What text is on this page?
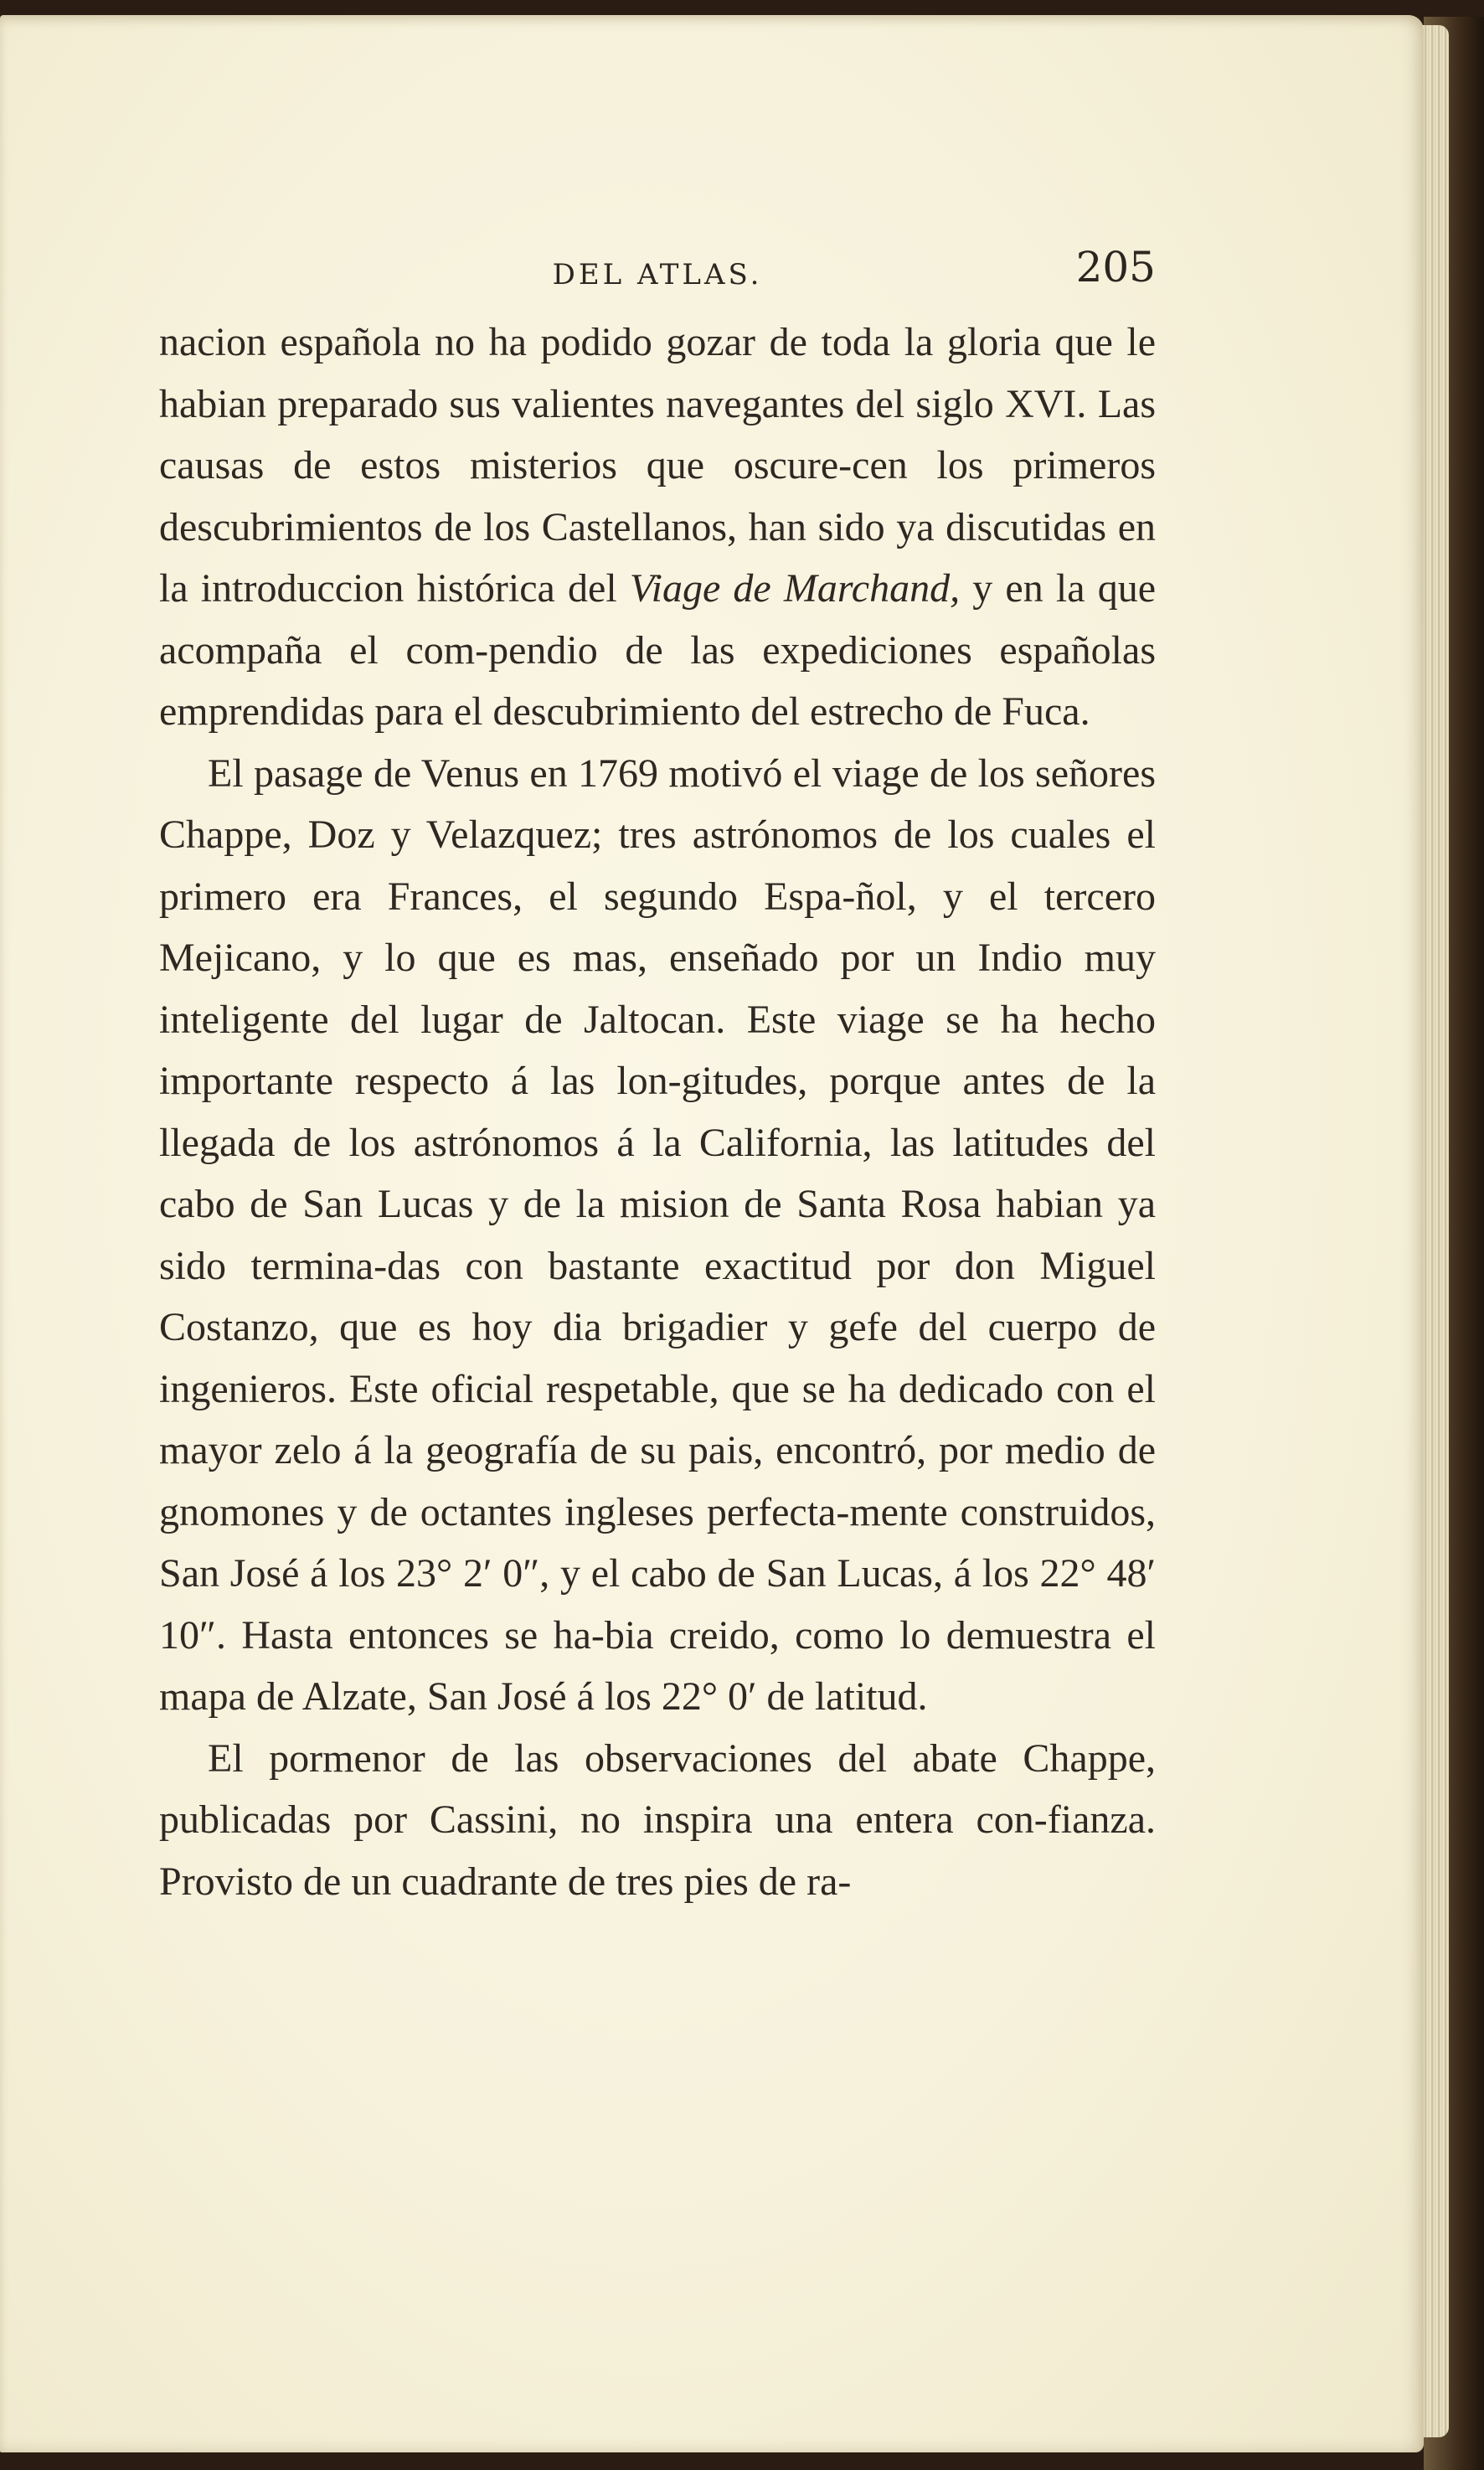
DEL ATLAS.	205

nacion española no ha podido gozar de toda la gloria que le habian preparado sus valientes navegantes del siglo XVI. Las causas de estos misterios que oscure-cen los primeros descubrimientos de los Castellanos, han sido ya discutidas en la introduccion histórica del Viage de Marchand, y en la que acompaña el com-pendio de las expediciones españolas emprendidas para el descubrimiento del estrecho de Fuca.

El pasage de Venus en 1769 motivó el viage de los señores Chappe, Doz y Velazquez; tres astrónomos de los cuales el primero era Frances, el segundo Espa-ñol, y el tercero Mejicano, y lo que es mas, enseñado por un Indio muy inteligente del lugar de Jaltocan. Este viage se ha hecho importante respecto á las lon-gitudes, porque antes de la llegada de los astrónomos á la California, las latitudes del cabo de San Lucas y de la mision de Santa Rosa habian ya sido termina-das con bastante exactitud por don Miguel Costanzo, que es hoy dia brigadier y gefe del cuerpo de ingenieros. Este oficial respetable, que se ha dedicado con el mayor zelo á la geografía de su pais, encontró, por medio de gnomones y de octantes ingleses perfecta-mente construidos, San José á los 23° 2′ 0″, y el cabo de San Lucas, á los 22° 48′ 10″. Hasta entonces se ha-bia creido, como lo demuestra el mapa de Alzate, San José á los 22° 0′ de latitud.

El pormenor de las observaciones del abate Chappe, publicadas por Cassini, no inspira una entera con-fianza. Provisto de un cuadrante de tres pies de ra-
